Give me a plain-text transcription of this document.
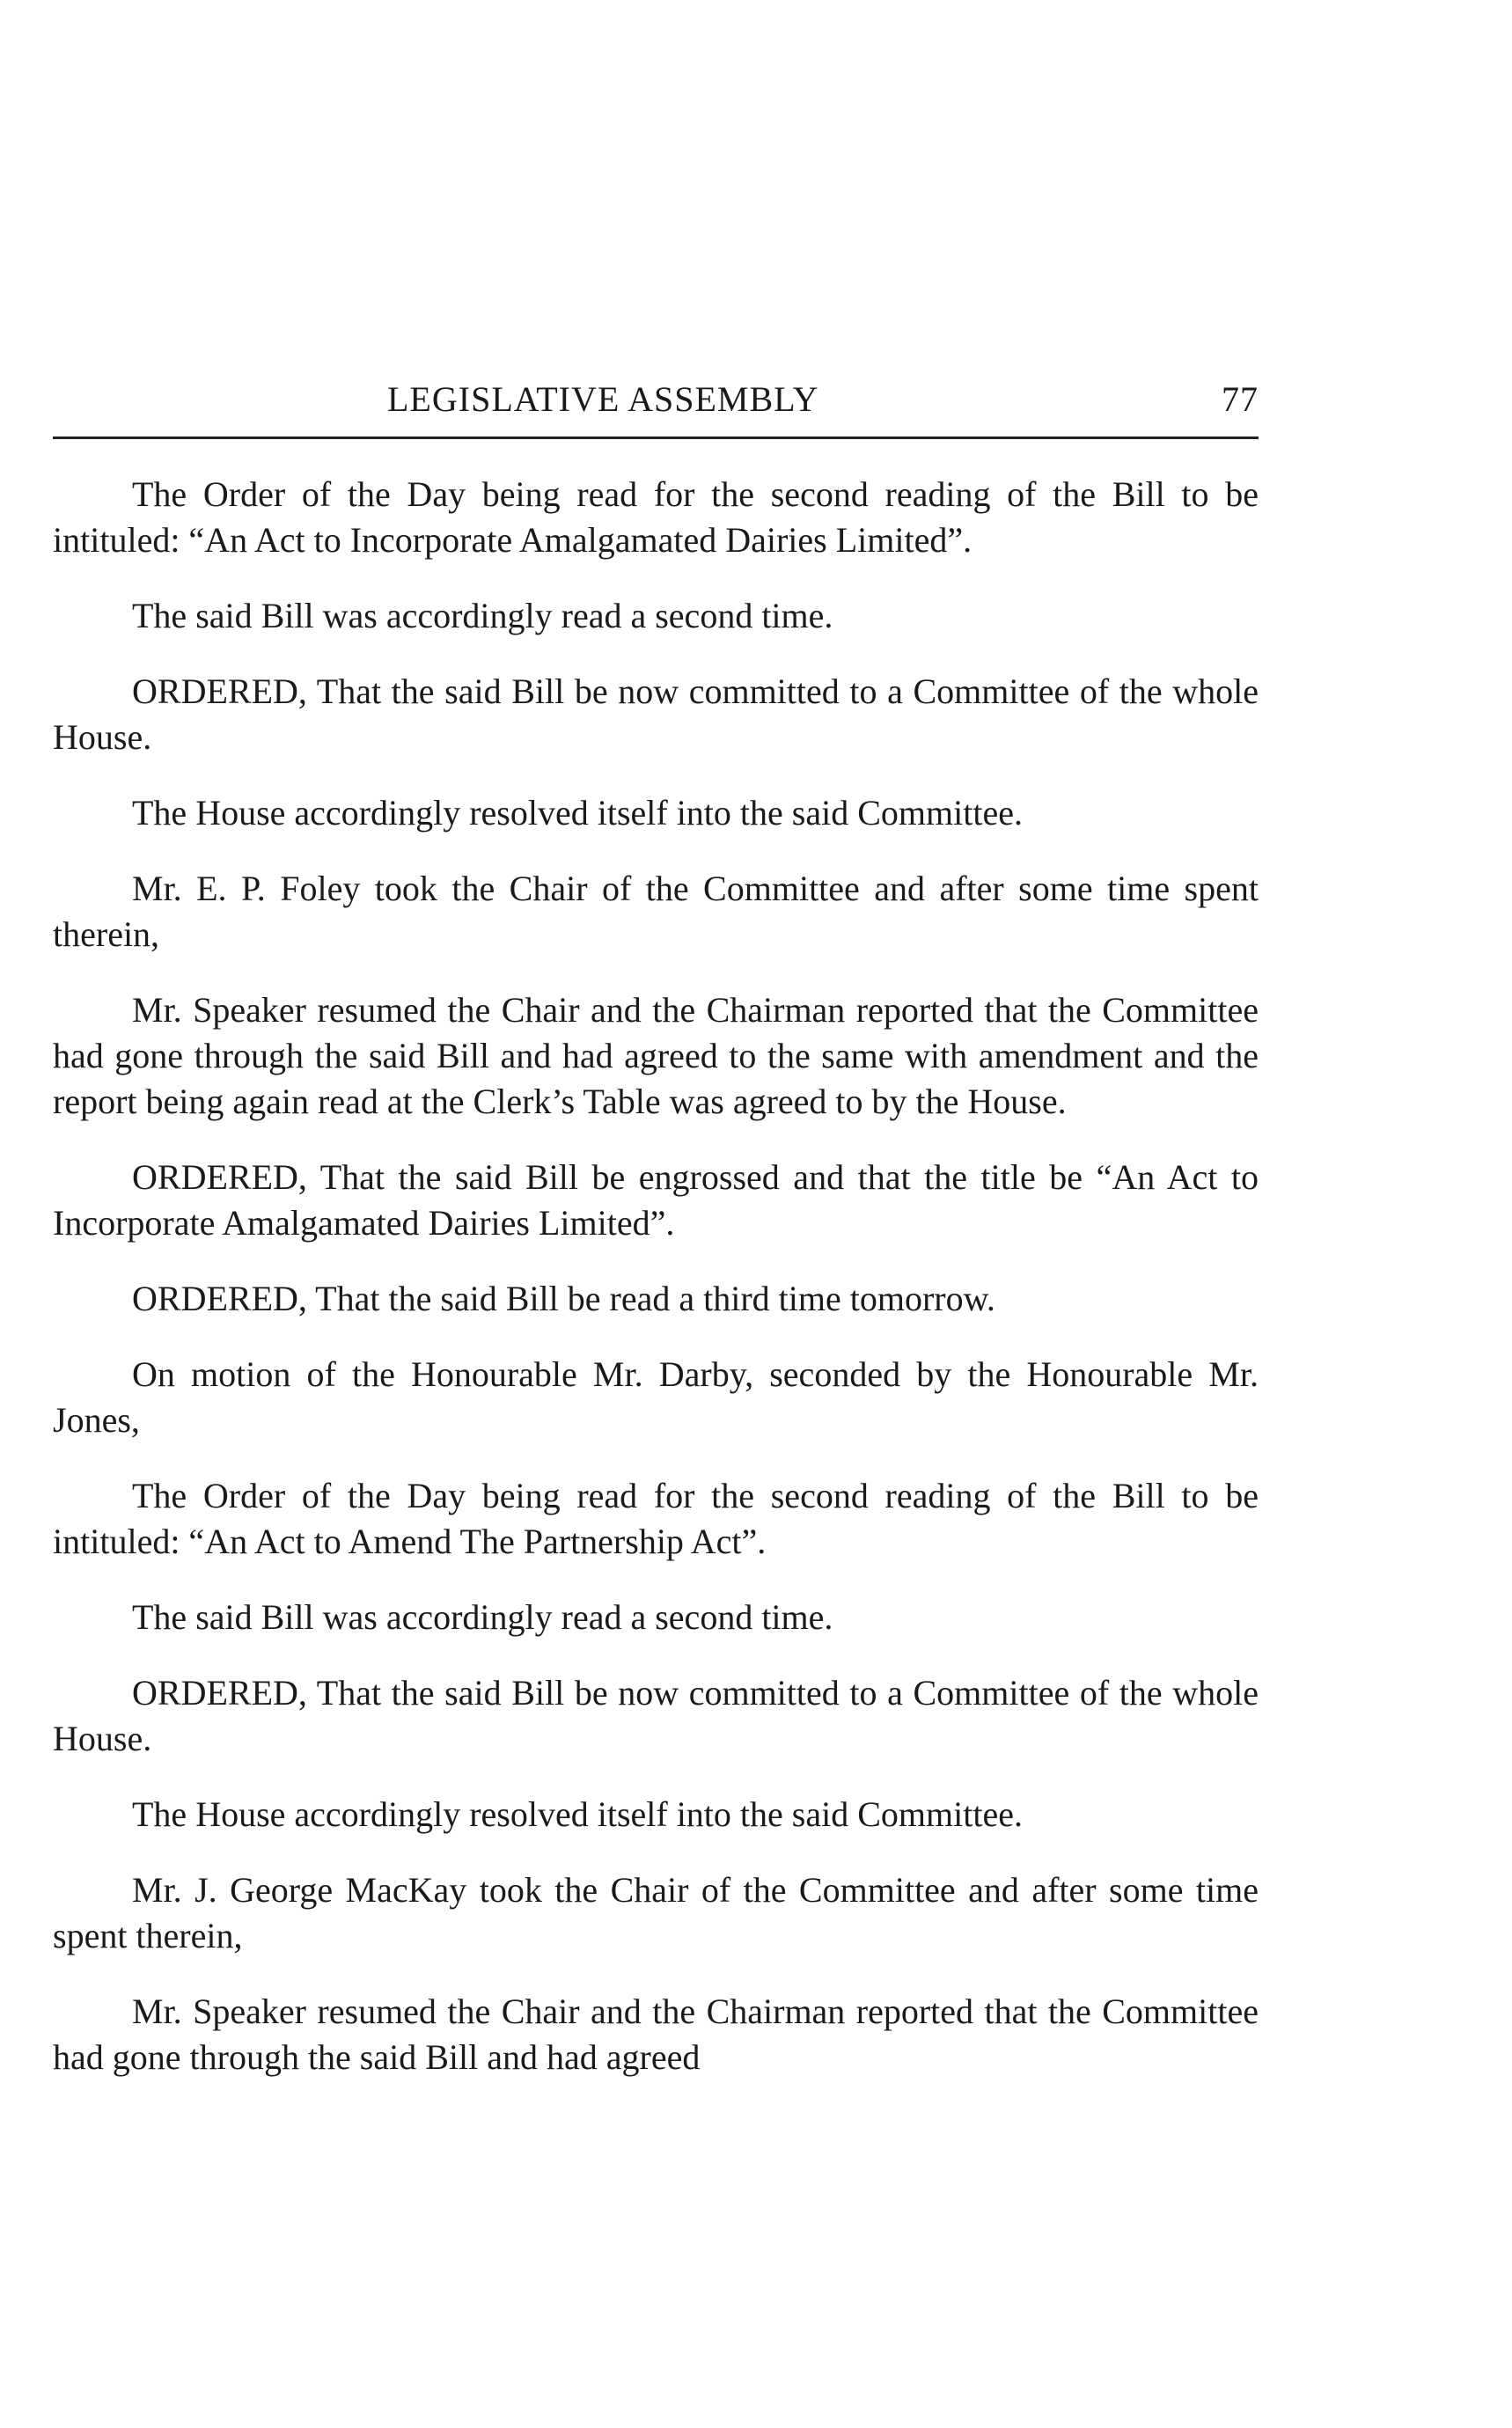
LEGISLATIVE ASSEMBLY	77

The Order of the Day being read for the second reading of the Bill to be intituled: “An Act to Incorporate Amalgamated Dairies Limited”.

The said Bill was accordingly read a second time.

ORDERED, That the said Bill be now committed to a Committee of the whole House.

The House accordingly resolved itself into the said Committee.

Mr. E. P. Foley took the Chair of the Committee and after some time spent therein,

Mr. Speaker resumed the Chair and the Chairman reported that the Committee had gone through the said Bill and had agreed to the same with amendment and the report being again read at the Clerk’s Table was agreed to by the House.

ORDERED, That the said Bill be engrossed and that the title be “An Act to Incorporate Amalgamated Dairies Limited”.

ORDERED, That the said Bill be read a third time tomorrow.

On motion of the Honourable Mr. Darby, seconded by the Honourable Mr. Jones,

The Order of the Day being read for the second reading of the Bill to be intituled: “An Act to Amend The Partnership Act”.

The said Bill was accordingly read a second time.

ORDERED, That the said Bill be now committed to a Committee of the whole House.

The House accordingly resolved itself into the said Committee.

Mr. J. George MacKay took the Chair of the Committee and after some time spent therein,

Mr. Speaker resumed the Chair and the Chairman reported that the Committee had gone through the said Bill and had agreed
